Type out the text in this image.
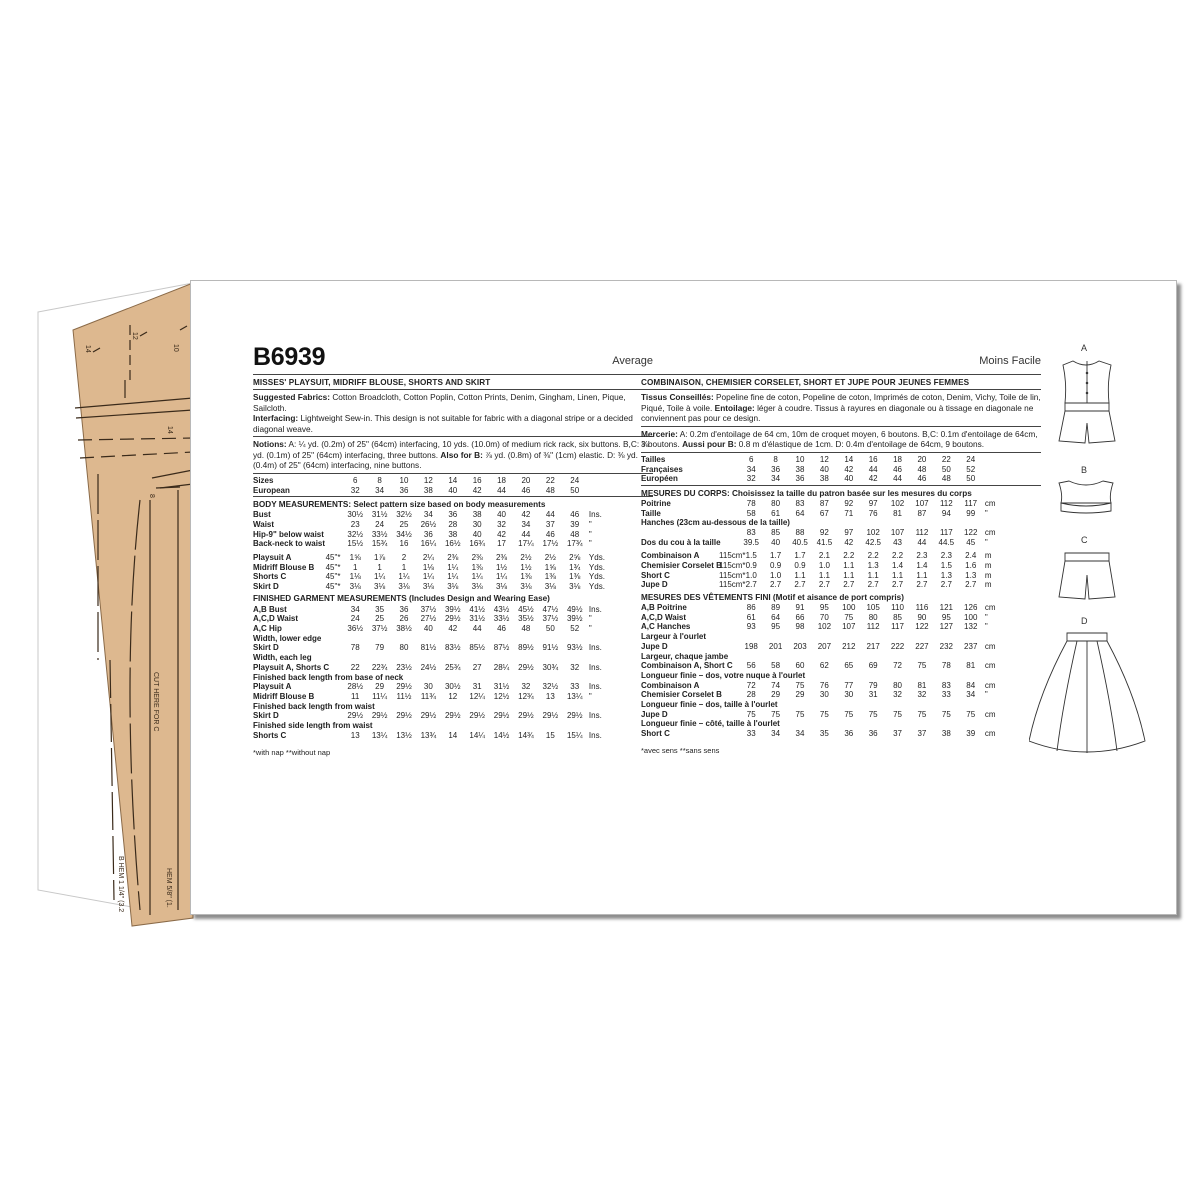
14
12
10
14
8
CUT HERE FOR C
B HEM 1 1/4" (3.2	HEM 5/8" (1.
B6939	Average
MISSES' PLAYSUIT, MIDRIFF BLOUSE, SHORTS AND SKIRT
Suggested Fabrics: Cotton Broadcloth, Cotton Poplin, Cotton Prints, Denim, Gingham, Linen, Pique, Sailcloth.
Interfacing: Lightweight Sew-in. This design is not suitable for fabric with a diagonal stripe or a decided diagonal weave.
Notions: A: ¼ yd. (0.2m) of 25" (64cm) interfacing, 10 yds. (10.0m) of medium rick rack, six buttons. B,C: ⅛ yd. (0.1m) of 25" (64cm) interfacing, three buttons. Also for B: ⅞ yd. (0.8m) of ⅜" (1cm) elastic. D: ⅜ yd. (0.4m) of 25" (64cm) interfacing, nine buttons.
Sizes		6	8	10	12	14	16	18	20	22	24	
European		32	34	36	38	40	42	44	46	48	50	
BODY MEASUREMENTS: Select pattern size based on body measurements
Bust		30½	31½	32½	34	36	38	40	42	44	46	Ins.
Waist		23	24	25	26½	28	30	32	34	37	39	"
Hip-9" below waist		32½	33½	34½	36	38	40	42	44	46	48	"
Back-neck to waist		15½	15¾	16	16¼	16½	16¾	17	17¼	17½	17¾	"
Playsuit A	45"*	1⅝	1⅞	2	2¼	2⅜	2⅜	2⅜	2½	2½	2⅝	Yds.
Midriff Blouse B	45"*	1	1	1	1⅛	1¼	1⅜	1½	1½	1⅝	1¾	Yds.
Shorts C	45"*	1⅛	1¼	1¼	1¼	1¼	1¼	1¼	1⅜	1⅜	1⅜	Yds.
Skirt D	45"*	3⅛	3⅛	3⅛	3⅛	3⅛	3⅛	3⅛	3⅛	3⅛	3⅛	Yds.
FINISHED GARMENT MEASUREMENTS (Includes Design and Wearing Ease)
A,B Bust		34	35	36	37½	39½	41½	43½	45½	47½	49½	Ins.
A,C,D Waist		24	25	26	27½	29½	31½	33½	35½	37½	39½	"
A,C Hip		36½	37½	38½	40	42	44	46	48	50	52	"
Width, lower edge												
Skirt D		78	79	80	81½	83½	85½	87½	89½	91½	93½	Ins.
Width, each leg												
Playsuit A, Shorts C		22	22¾	23½	24½	25¾	27	28¼	29½	30¾	32	Ins.
Finished back length from base of neck												
Playsuit A		28½	29	29½	30	30½	31	31½	32	32½	33	Ins.
Midriff Blouse B		11	11¼	11½	11¾	12	12¼	12½	12¾	13	13¼	"
Finished back length from waist												
Skirt D		29½	29½	29½	29½	29½	29½	29½	29½	29½	29½	Ins.
Finished side length from waist												
Shorts C		13	13¼	13½	13¾	14	14¼	14½	14¾	15	15¼	Ins.
*with nap **without nap
Moins Facile
COMBINAISON, CHEMISIER CORSELET, SHORT ET JUPE POUR JEUNES FEMMES
Tissus Conseillés: Popeline fine de coton, Popeline de coton, Imprimés de coton, Denim, Vichy, Toile de lin, Piqué, Toile à voile. Entoilage: léger à coudre. Tissus à rayures en diagonale ou à tissage en diagonale ne conviennent pas pour ce design.
Mercerie: A: 0.2m d'entoilage de 64 cm, 10m de croquet moyen, 6 boutons. B,C: 0.1m d'entoilage de 64cm, 3 boutons. Aussi pour B: 0.8 m d'élastique de 1cm. D: 0.4m d'entoilage de 64cm, 9 boutons.
Tailles		6	8	10	12	14	16	18	20	22	24	
Françaises		34	36	38	40	42	44	46	48	50	52	
Européen		32	34	36	38	40	42	44	46	48	50	
MESURES DU CORPS: Choisissez la taille du patron basée sur les mesures du corps
Poitrine		78	80	83	87	92	97	102	107	112	117	cm
Taille		58	61	64	67	71	76	81	87	94	99	"
Hanches (23cm au-dessous de la taille)												
		83	85	88	92	97	102	107	112	117	122	cm
Dos du cou à la taille		39.5	40	40.5	41.5	42	42.5	43	44	44.5	45	"
Combinaison A	115cm*	1.5	1.7	1.7	2.1	2.2	2.2	2.2	2.3	2.3	2.4	m
Chemisier Corselet B	115cm*	0.9	0.9	0.9	1.0	1.1	1.3	1.4	1.4	1.5	1.6	m
Short C	115cm*	1.0	1.0	1.1	1.1	1.1	1.1	1.1	1.1	1.3	1.3	m
Jupe D	115cm*	2.7	2.7	2.7	2.7	2.7	2.7	2.7	2.7	2.7	2.7	m
MESURES DES VÊTEMENTS FINI (Motif et aisance de port compris)
A,B Poitrine		86	89	91	95	100	105	110	116	121	126	cm
A,C,D Waist		61	64	66	70	75	80	85	90	95	100	"
A,C Hanches		93	95	98	102	107	112	117	122	127	132	"
Largeur à l'ourlet												
Jupe D		198	201	203	207	212	217	222	227	232	237	cm
Largeur, chaque jambe												
Combinaison A, Short C		56	58	60	62	65	69	72	75	78	81	cm
Longueur finie – dos, votre nuque à l'ourlet												
Combinaison A		72	74	75	76	77	79	80	81	83	84	cm
Chemisier Corselet B		28	29	29	30	30	31	32	32	33	34	"
Longueur finie – dos, taille à l'ourlet												
Jupe D		75	75	75	75	75	75	75	75	75	75	cm
Longueur finie – côté, taille à l'ourlet												
Short C		33	34	34	35	36	36	37	37	38	39	cm
*avec sens **sans sens
A
B
C
D
